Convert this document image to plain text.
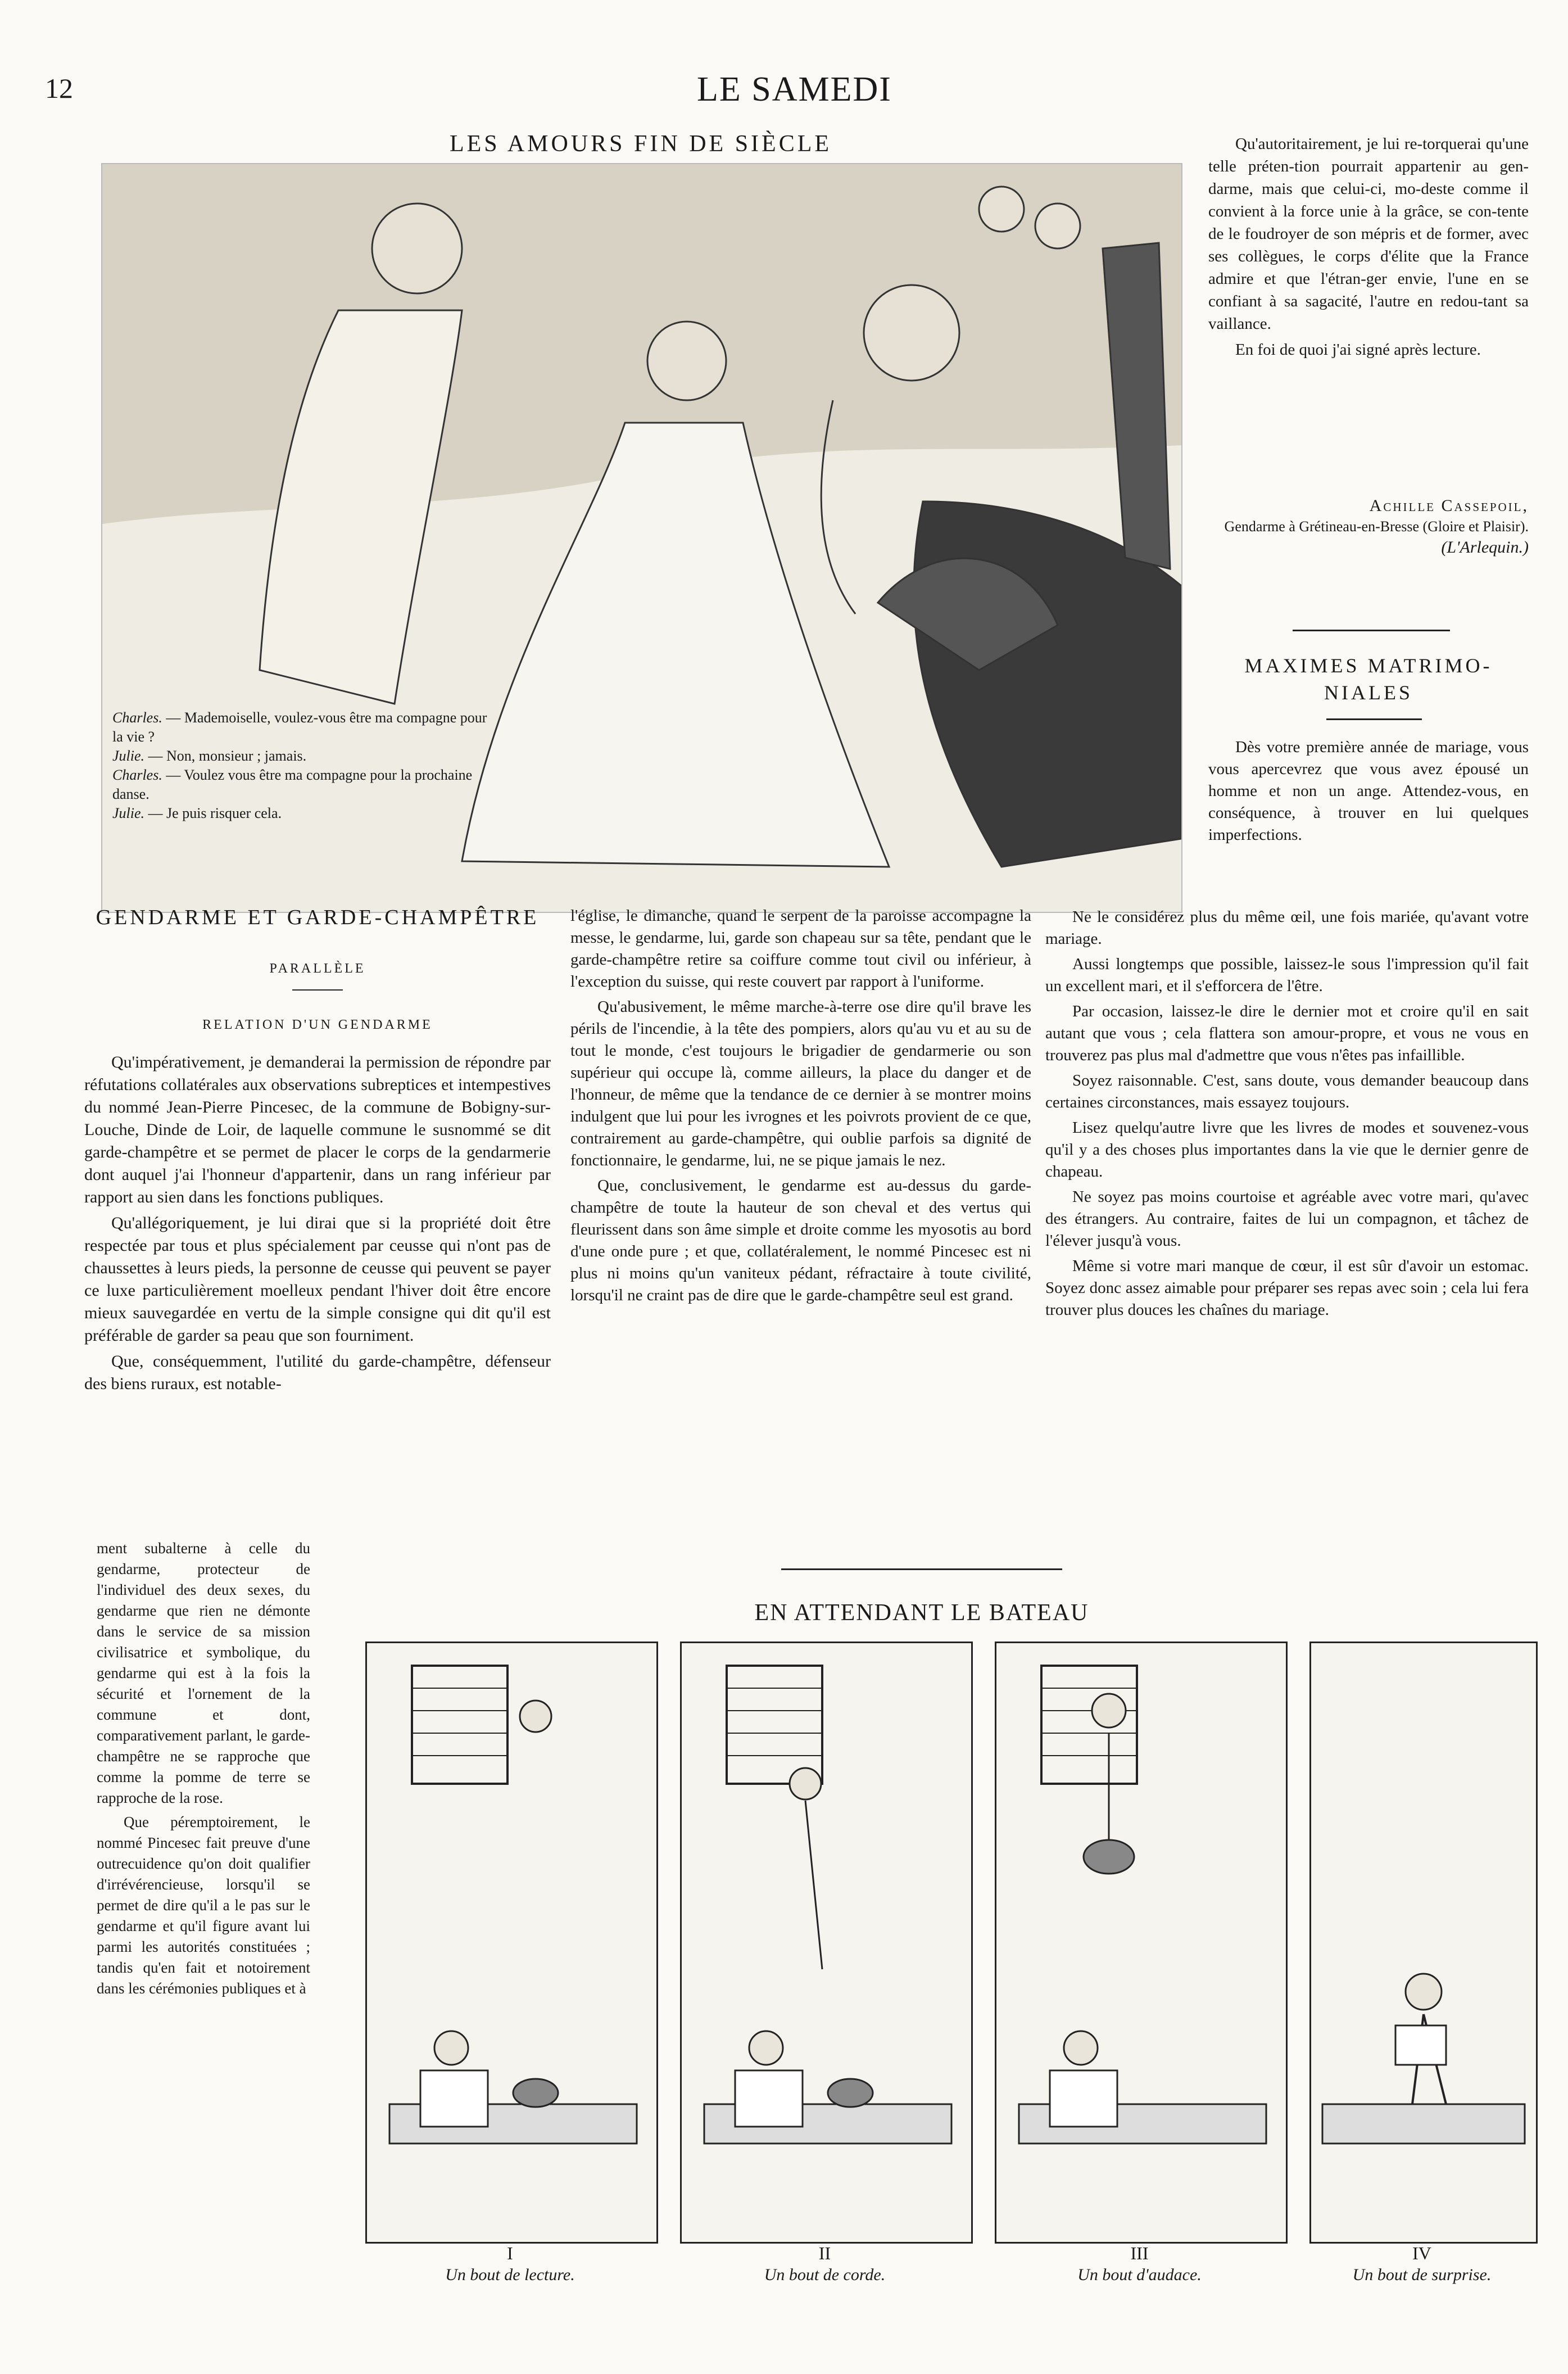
12	LE SAMEDI
LES AMOURS FIN DE SIÈCLE

Charles. — Mademoiselle, voulez-vous être ma compagne pour la vie ?

Julie. — Non, monsieur ; jamais.

Charles. — Voulez vous être ma compagne pour la prochaine danse.

Julie. — Je puis risquer cela.

Qu'autoritairement, je lui re-torquerai qu'une telle préten-tion pourrait appartenir au gen-darme, mais que celui-ci, mo-deste comme il convient à la force unie à la grâce, se con-tente de le foudroyer de son mépris et de former, avec ses collègues, le corps d'élite que la France admire et que l'étran-ger envie, l'une en se confiant à sa sagacité, l'autre en redou-tant sa vaillance.

En foi de quoi j'ai signé après lecture.

Achille Cassepoil,
Gendarme à Grétineau-en-Bresse (Gloire et Plaisir).
(L'Arlequin.)
MAXIMES MATRIMO-NIALES

Dès votre première année de mariage, vous vous apercevrez que vous avez épousé un homme et non un ange. Attendez-vous, en conséquence, à trouver en lui quelques imperfections.

Ne le considérez plus du même œil, une fois mariée, qu'avant votre mariage.

Aussi longtemps que possible, laissez-le sous l'impression qu'il fait un excellent mari, et il s'efforcera de l'être.

Par occasion, laissez-le dire le dernier mot et croire qu'il en sait autant que vous ; cela flattera son amour-propre, et vous ne vous en trouverez pas plus mal d'admettre que vous n'êtes pas infaillible.

Soyez raisonnable. C'est, sans doute, vous demander beaucoup dans certaines circonstances, mais essayez toujours.

Lisez quelqu'autre livre que les livres de modes et souvenez-vous qu'il y a des choses plus importantes dans la vie que le dernier genre de chapeau.

Ne soyez pas moins courtoise et agréable avec votre mari, qu'avec des étrangers. Au contraire, faites de lui un compagnon, et tâchez de l'élever jusqu'à vous.

Même si votre mari manque de cœur, il est sûr d'avoir un estomac. Soyez donc assez aimable pour préparer ses repas avec soin ; cela lui fera trouver plus douces les chaînes du mariage.

GENDARME ET GARDE-CHAMPÊTRE
PARALLÈLE
RELATION D'UN GENDARME

Qu'impérativement, je demanderai la permission de répondre par réfutations collatérales aux observations subreptices et intempestives du nommé Jean-Pierre Pincesec, de la commune de Bobigny-sur-Louche, Dinde de Loir, de laquelle commune le susnommé se dit garde-champêtre et se permet de placer le corps de la gendarmerie dont auquel j'ai l'honneur d'appartenir, dans un rang inférieur par rapport au sien dans les fonctions publiques.

Qu'allégoriquement, je lui dirai que si la propriété doit être respectée par tous et plus spécialement par ceusse qui n'ont pas de chaussettes à leurs pieds, la personne de ceusse qui peuvent se payer ce luxe particulièrement moelleux pendant l'hiver doit être encore mieux sauvegardée en vertu de la simple consigne qui dit qu'il est préférable de garder sa peau que son fourniment.

Que, conséquemment, l'utilité du garde-champêtre, défenseur des biens ruraux, est notable-

ment subalterne à celle du gendarme, protecteur de l'individuel des deux sexes, du gendarme que rien ne démonte dans le service de sa mission civilisatrice et symbolique, du gendarme qui est à la fois la sécurité et l'ornement de la commune et dont, comparativement parlant, le garde-champêtre ne se rapproche que comme la pomme de terre se rapproche de la rose.

Que péremptoirement, le nommé Pincesec fait preuve d'une outrecuidence qu'on doit qualifier d'irrévérencieuse, lorsqu'il se permet de dire qu'il a le pas sur le gendarme et qu'il figure avant lui parmi les autorités constituées ; tandis qu'en fait et notoirement dans les cérémonies publiques et à

l'église, le dimanche, quand le serpent de la paroisse accompagne la messe, le gendarme, lui, garde son chapeau sur sa tête, pendant que le garde-champêtre retire sa coiffure comme tout civil ou inférieur, à l'exception du suisse, qui reste couvert par rapport à l'uniforme.

Qu'abusivement, le même marche-à-terre ose dire qu'il brave les périls de l'incendie, à la tête des pompiers, alors qu'au vu et au su de tout le monde, c'est toujours le brigadier de gendarmerie ou son supérieur qui occupe là, comme ailleurs, la place du danger et de l'honneur, de même que la tendance de ce dernier à se montrer moins indulgent que lui pour les ivrognes et les poivrots provient de ce que, contrairement au garde-champêtre, qui oublie parfois sa dignité de fonctionnaire, le gendarme, lui, ne se pique jamais le nez.

Que, conclusivement, le gendarme est au-dessus du garde-champêtre de toute la hauteur de son cheval et des vertus qui fleurissent dans son âme simple et droite comme les myosotis au bord d'une onde pure ; et que, collatéralement, le nommé Pincesec est ni plus ni moins qu'un vaniteux pédant, réfractaire à toute civilité, lorsqu'il ne craint pas de dire que le garde-champêtre seul est grand.

EN ATTENDANT LE BATEAU
I
Un bout de lecture.
II
Un bout de corde.
III
Un bout d'audace.
IV
Un bout de surprise.
